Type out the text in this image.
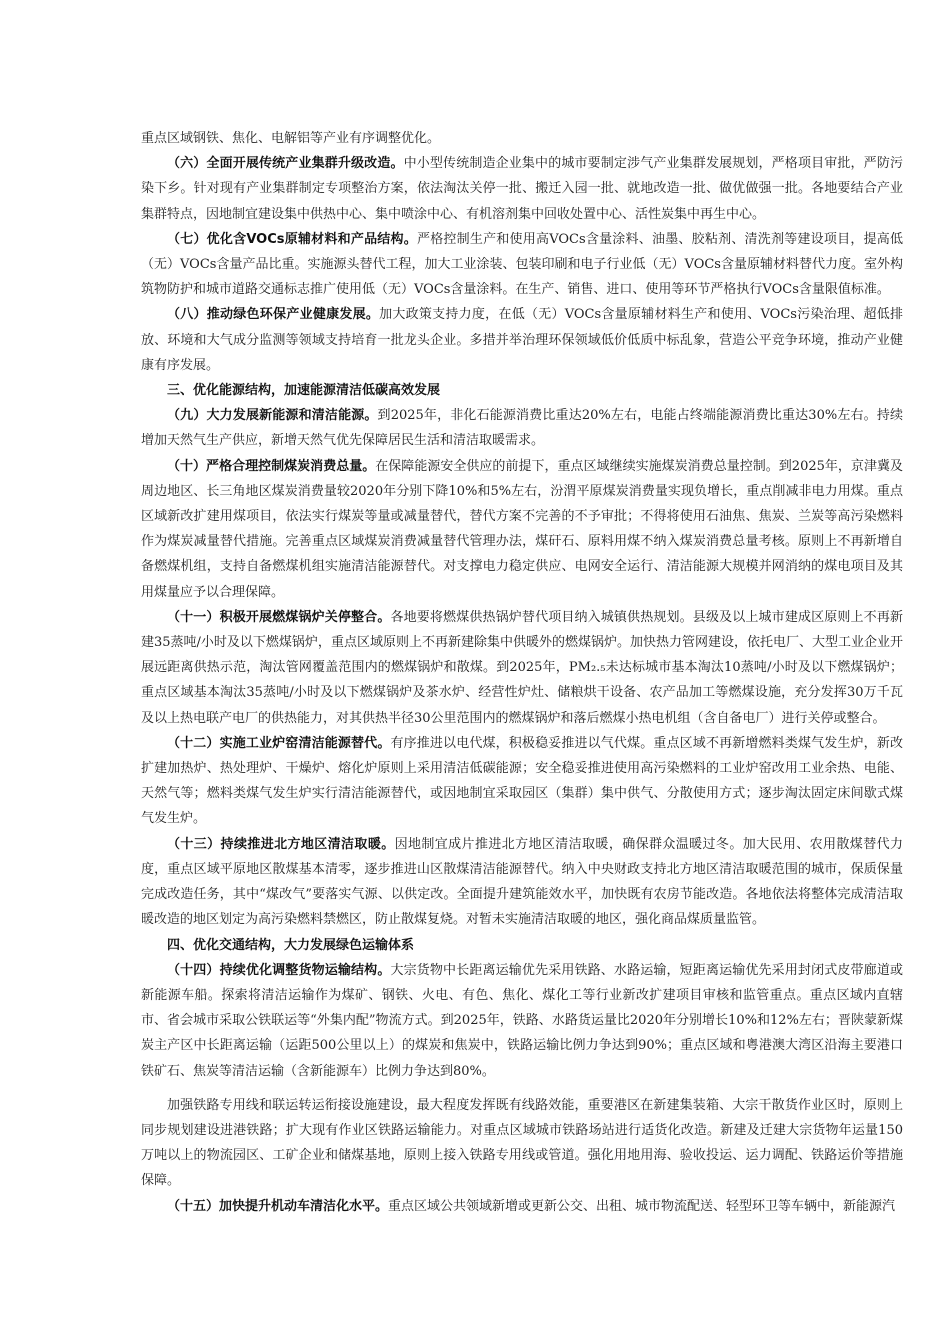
重点区域钢铁、焦化、电解铝等产业有序调整优化。

（六）全面开展传统产业集群升级改造。中小型传统制造企业集中的城市要制定涉气产业集群发展规划，严格项目审批，严防污染下乡。针对现有产业集群制定专项整治方案，依法淘汰关停一批、搬迁入园一批、就地改造一批、做优做强一批。各地要结合产业集群特点，因地制宜建设集中供热中心、集中喷涂中心、有机溶剂集中回收处置中心、活性炭集中再生中心。

（七）优化含VOCs原辅材料和产品结构。严格控制生产和使用高VOCs含量涂料、油墨、胶粘剂、清洗剂等建设项目，提高低（无）VOCs含量产品比重。实施源头替代工程，加大工业涂装、包装印刷和电子行业低（无）VOCs含量原辅材料替代力度。室外构筑物防护和城市道路交通标志推广使用低（无）VOCs含量涂料。在生产、销售、进口、使用等环节严格执行VOCs含量限值标准。

（八）推动绿色环保产业健康发展。加大政策支持力度，在低（无）VOCs含量原辅材料生产和使用、VOCs污染治理、超低排放、环境和大气成分监测等领域支持培育一批龙头企业。多措并举治理环保领域低价低质中标乱象，营造公平竞争环境，推动产业健康有序发展。

三、优化能源结构，加速能源清洁低碳高效发展

（九）大力发展新能源和清洁能源。到2025年，非化石能源消费比重达20%左右，电能占终端能源消费比重达30%左右。持续增加天然气生产供应，新增天然气优先保障居民生活和清洁取暖需求。

（十）严格合理控制煤炭消费总量。在保障能源安全供应的前提下，重点区域继续实施煤炭消费总量控制。到2025年，京津冀及周边地区、长三角地区煤炭消费量较2020年分别下降10%和5%左右，汾渭平原煤炭消费量实现负增长，重点削减非电力用煤。重点区域新改扩建用煤项目，依法实行煤炭等量或减量替代，替代方案不完善的不予审批；不得将使用石油焦、焦炭、兰炭等高污染燃料作为煤炭减量替代措施。完善重点区域煤炭消费减量替代管理办法，煤矸石、原料用煤不纳入煤炭消费总量考核。原则上不再新增自备燃煤机组，支持自备燃煤机组实施清洁能源替代。对支撑电力稳定供应、电网安全运行、清洁能源大规模并网消纳的煤电项目及其用煤量应予以合理保障。

（十一）积极开展燃煤锅炉关停整合。各地要将燃煤供热锅炉替代项目纳入城镇供热规划。县级及以上城市建成区原则上不再新建35蒸吨/小时及以下燃煤锅炉，重点区域原则上不再新建除集中供暖外的燃煤锅炉。加快热力管网建设，依托电厂、大型工业企业开展远距离供热示范，淘汰管网覆盖范围内的燃煤锅炉和散煤。到2025年，PM₂.₅未达标城市基本淘汰10蒸吨/小时及以下燃煤锅炉；重点区域基本淘汰35蒸吨/小时及以下燃煤锅炉及茶水炉、经营性炉灶、储粮烘干设备、农产品加工等燃煤设施，充分发挥30万千瓦及以上热电联产电厂的供热能力，对其供热半径30公里范围内的燃煤锅炉和落后燃煤小热电机组（含自备电厂）进行关停或整合。

（十二）实施工业炉窑清洁能源替代。有序推进以电代煤，积极稳妥推进以气代煤。重点区域不再新增燃料类煤气发生炉，新改扩建加热炉、热处理炉、干燥炉、熔化炉原则上采用清洁低碳能源；安全稳妥推进使用高污染燃料的工业炉窑改用工业余热、电能、天然气等；燃料类煤气发生炉实行清洁能源替代，或因地制宜采取园区（集群）集中供气、分散使用方式；逐步淘汰固定床间歇式煤气发生炉。

（十三）持续推进北方地区清洁取暖。因地制宜成片推进北方地区清洁取暖，确保群众温暖过冬。加大民用、农用散煤替代力度，重点区域平原地区散煤基本清零，逐步推进山区散煤清洁能源替代。纳入中央财政支持北方地区清洁取暖范围的城市，保质保量完成改造任务，其中“煤改气”要落实气源、以供定改。全面提升建筑能效水平，加快既有农房节能改造。各地依法将整体完成清洁取暖改造的地区划定为高污染燃料禁燃区，防止散煤复烧。对暂未实施清洁取暖的地区，强化商品煤质量监管。

四、优化交通结构，大力发展绿色运输体系

（十四）持续优化调整货物运输结构。大宗货物中长距离运输优先采用铁路、水路运输，短距离运输优先采用封闭式皮带廊道或新能源车船。探索将清洁运输作为煤矿、钢铁、火电、有色、焦化、煤化工等行业新改扩建项目审核和监管重点。重点区域内直辖市、省会城市采取公铁联运等“外集内配”物流方式。到2025年，铁路、水路货运量比2020年分别增长10%和12%左右；晋陕蒙新煤炭主产区中长距离运输（运距500公里以上）的煤炭和焦炭中，铁路运输比例力争达到90%；重点区域和粤港澳大湾区沿海主要港口铁矿石、焦炭等清洁运输（含新能源车）比例力争达到80%。

加强铁路专用线和联运转运衔接设施建设，最大程度发挥既有线路效能，重要港区在新建集装箱、大宗干散货作业区时，原则上同步规划建设进港铁路；扩大现有作业区铁路运输能力。对重点区域城市铁路场站进行适货化改造。新建及迁建大宗货物年运量150万吨以上的物流园区、工矿企业和储煤基地，原则上接入铁路专用线或管道。强化用地用海、验收投运、运力调配、铁路运价等措施保障。

（十五）加快提升机动车清洁化水平。重点区域公共领域新增或更新公交、出租、城市物流配送、轻型环卫等车辆中，新能源汽
